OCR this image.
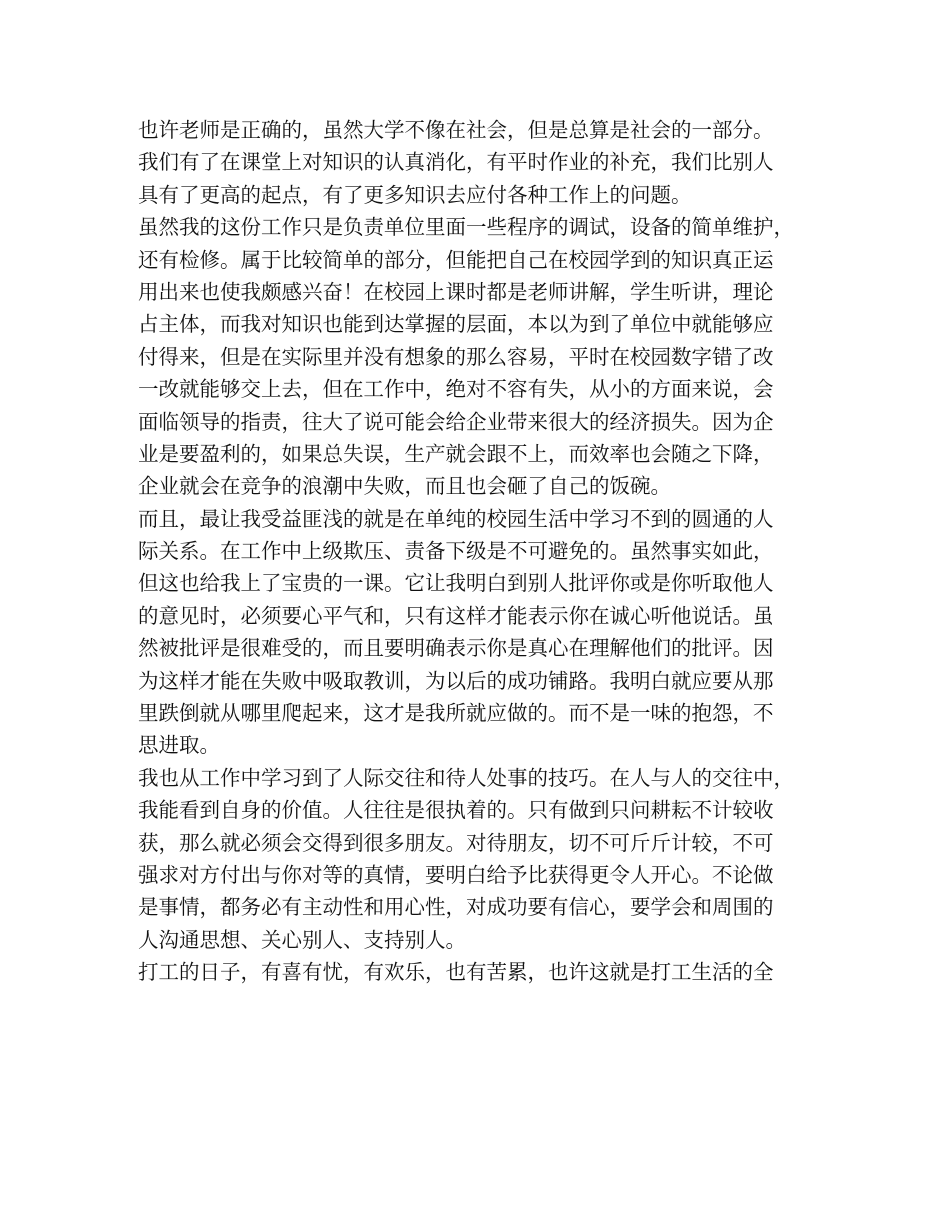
也许老师是正确的，虽然大学不像在社会，但是总算是社会的一部分。
我们有了在课堂上对知识的认真消化，有平时作业的补充，我们比别人
具有了更高的起点，有了更多知识去应付各种工作上的问题。
虽然我的这份工作只是负责单位里面一些程序的调试，设备的简单维护，
还有检修。属于比较简单的部分，但能把自己在校园学到的知识真正运
用出来也使我颇感兴奋！在校园上课时都是老师讲解，学生听讲，理论
占主体，而我对知识也能到达掌握的层面，本以为到了单位中就能够应
付得来，但是在实际里并没有想象的那么容易，平时在校园数字错了改
一改就能够交上去，但在工作中，绝对不容有失，从小的方面来说，会
面临领导的指责，往大了说可能会给企业带来很大的经济损失。因为企
业是要盈利的，如果总失误，生产就会跟不上，而效率也会随之下降，
企业就会在竞争的浪潮中失败，而且也会砸了自己的饭碗。
而且，最让我受益匪浅的就是在单纯的校园生活中学习不到的圆通的人
际关系。在工作中上级欺压、责备下级是不可避免的。虽然事实如此，
但这也给我上了宝贵的一课。它让我明白到别人批评你或是你听取他人
的意见时，必须要心平气和，只有这样才能表示你在诚心听他说话。虽
然被批评是很难受的，而且要明确表示你是真心在理解他们的批评。因
为这样才能在失败中吸取教训，为以后的成功铺路。我明白就应要从那
里跌倒就从哪里爬起来，这才是我所就应做的。而不是一味的抱怨，不
思进取。
我也从工作中学习到了人际交往和待人处事的技巧。在人与人的交往中，
我能看到自身的价值。人往往是很执着的。只有做到只问耕耘不计较收
获，那么就必须会交得到很多朋友。对待朋友，切不可斤斤计较，不可
强求对方付出与你对等的真情，要明白给予比获得更令人开心。不论做
是事情，都务必有主动性和用心性，对成功要有信心，要学会和周围的
人沟通思想、关心别人、支持别人。
打工的日子，有喜有忧，有欢乐，也有苦累，也许这就是打工生活的全
